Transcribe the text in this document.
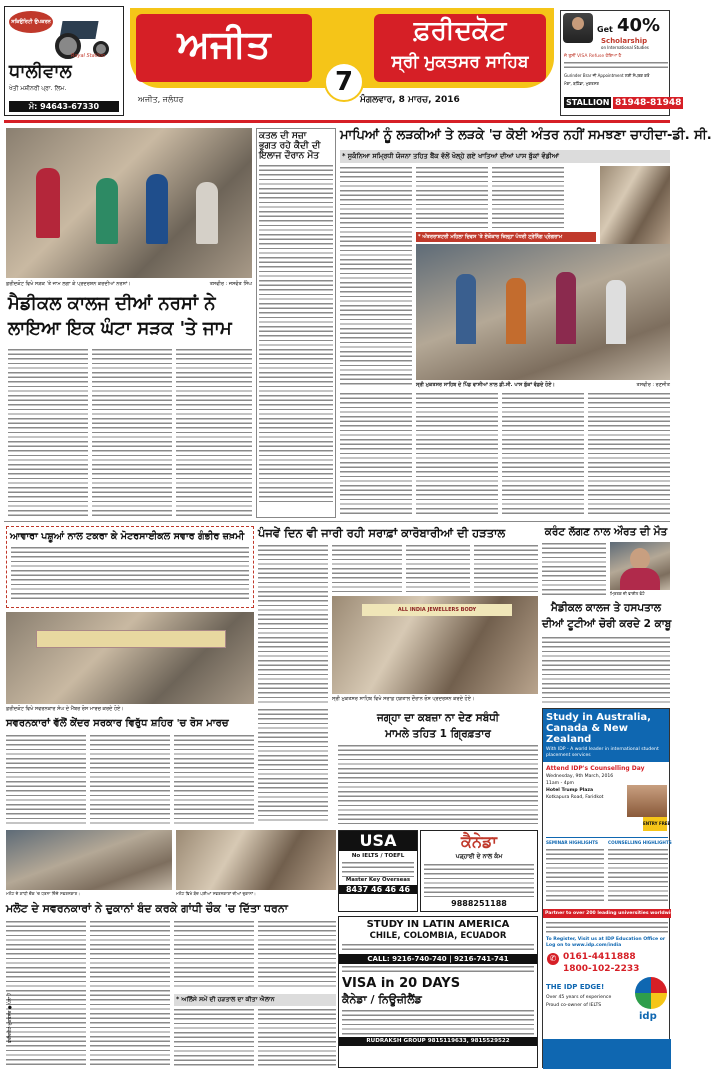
ਸਕਿਉਰਿਟੀ ਉਪਕਰਨ
Royal Stallion
ਧਾਲੀਵਾਲ
ਖੇਤੀ ਮਸ਼ੀਨਰੀ ਪ੍ਰਾ. ਲਿਮ.
ਮੋ: 94643-67330
ਅਜੀਤ	ਫ਼ਰੀਦਕੋਟ
ਸ੍ਰੀ ਮੁਕਤਸਰ ਸਾਹਿਬ
7
ਅਜੀਤ, ਜਲੰਧਰ	ਮੰਗਲਵਾਰ, 8 ਮਾਰਚ, 2016
Get 40%
Scholarship
on International Studies
ਜੇ ਤੁਸੀਂ VISA Refuse ਹੋਇਆ ਹੈ
Gurinder Brar ਜੀ Appointment ਲਈ ਸੰਪਰਕ ਕਰੋ
ਮੋਗਾ, ਬਠਿੰਡਾ, ਮੁਕਤਸਰ
STALLION 81948-81948
ਫ਼ਰੀਦਕੋਟ ਵਿਖੇ ਸੜਕ 'ਤੇ ਜਾਮ ਲਗਾ ਕੇ ਪ੍ਰਦਰਸ਼ਨ ਕਰਦੀਆਂ ਨਰਸਾਂ।	ਤਸਵੀਰ : ਜਸਵੰਤ ਸਿੰਘ
ਮੈਡੀਕਲ ਕਾਲਜ ਦੀਆਂ ਨਰਸਾਂ ਨੇ
ਲਾਇਆ ਇਕ ਘੰਟਾ ਸੜਕ 'ਤੇ ਜਾਮ
ਕਤਲ ਦੀ ਸਜ਼ਾ
ਭੁਗਤ ਰਹੇ ਕੈਦੀ ਦੀ
ਇਲਾਜ ਦੌਰਾਨ ਮੌਤ
ਮਾਪਿਆਂ ਨੂੰ ਲੜਕੀਆਂ ਤੇ ਲੜਕੇ 'ਚ ਕੋਈ ਅੰਤਰ ਨਹੀਂ ਸਮਝਣਾ ਚਾਹੀਦਾ-ਡੀ. ਸੀ.
* ਸੁਕੰਨਿਆ ਸਮ੍ਰਿਧੀ ਯੋਜਨਾ ਤਹਿਤ ਬੈਂਕ ਵੱਲੋਂ ਖੋਲ੍ਹੇ ਗਏ ਖਾਤਿਆਂ ਦੀਆਂ ਪਾਸ ਬੁੱਕਾਂ ਵੰਡੀਆਂ
* ਅੰਤਰਰਾਸ਼ਟਰੀ ਮਹਿਲਾ ਦਿਵਸ 'ਤੇ ਏਕੋਕਾਰ ਜ਼ਿਲ੍ਹਾ ਪੱਧਰੀ ਟ੍ਰੇਨਿੰਗ ਪ੍ਰੋਗਰਾਮ
ਸ੍ਰੀ ਮੁਕਤਸਰ ਸਾਹਿਬ ਦੇ ਪਿੰਡ ਵਾਸੀਆਂ ਨਾਲ ਡੀ.ਸੀ. ਪਾਸ ਬੁੱਕਾਂ ਵੰਡਦੇ ਹੋਏ।	ਤਸਵੀਰ : ਰਣਜੀਤ
ਆਵਾਰਾ ਪਸ਼ੂਆਂ ਨਾਲ ਟਕਰਾ ਕੇ ਮੋਟਰਸਾਈਕਲ ਸਵਾਰ ਗੰਭੀਰ ਜ਼ਖ਼ਮੀ
ਫ਼ਰੀਦਕੋਟ ਵਿਖੇ ਸਵਰਨਕਾਰ ਸੰਘ ਦੇ ਮੈਂਬਰ ਰੋਸ ਮਾਰਚ ਕਰਦੇ ਹੋਏ।
ਸਵਰਨਕਾਰਾਂ ਵੱਲੋਂ ਕੇਂਦਰ ਸਰਕਾਰ ਵਿਰੁੱਧ ਸ਼ਹਿਰ 'ਚ ਰੋਸ ਮਾਰਚ
ਪੰਜਵੇਂ ਦਿਨ ਵੀ ਜਾਰੀ ਰਹੀ ਸਰਾਫ਼ਾਂ ਕਾਰੋਬਾਰੀਆਂ ਦੀ ਹੜਤਾਲ
ALL INDIA JEWELLERS BODY
ਸ੍ਰੀ ਮੁਕਤਸਰ ਸਾਹਿਬ ਵਿਖੇ ਸਰਾਫ਼ ਹੜਤਾਲ ਦੌਰਾਨ ਰੋਸ ਪ੍ਰਦਰਸ਼ਨ ਕਰਦੇ ਹੋਏ।
ਕਰੰਟ ਲੱਗਣ ਨਾਲ ਔਰਤ ਦੀ ਮੌਤ
ਮ੍ਰਿਤਕ ਦੀ ਫਾਈਲ ਫੋਟੋ
ਮੈਡੀਕਲ ਕਾਲਜ ਤੇ ਹਸਪਤਾਲ
ਦੀਆਂ ਟੂਟੀਆਂ ਚੋਰੀ ਕਰਦੇ 2 ਕਾਬੂ
ਜਗ੍ਹਾ ਦਾ ਕਬਜ਼ਾ ਨਾ ਦੇਣ ਸਬੰਧੀ
ਮਾਮਲੇ ਤਹਿਤ 1 ਗ੍ਰਿਫ਼ਤਾਰ
Study in Australia, Canada & New Zealand
With IDP - A world leader in international student placement services
Attend IDP's Counselling Day
Wednesday, 9th March, 2016
11am - 4pm
Hotel Trump Plaza
Kotkapura Road, Faridkot
ENTRY FREE
SEMINAR HIGHLIGHTS	COUNSELLING HIGHLIGHTS
Partner to over 200 leading universities worldwide
To Register, Visit us at IDP Education Office or Log on to www.idp.com/india
✆ 0161-4411888
1800-102-2233
THE IDP EDGE!
Over 45 years of experience
Proud co-owner of IELTS
idp
ਮਲੋਟ ਦੇ ਗਾਂਧੀ ਚੌਕ 'ਚ ਧਰਨਾ ਦਿੰਦੇ ਸਵਰਨਕਾਰ।	ਮਲੋਟ ਵਿਖੇ ਬੰਦ ਪਈਆਂ ਸਵਰਨਕਾਰਾਂ ਦੀਆਂ ਦੁਕਾਨਾਂ।
USA
No IELTS / TOEFL
Master Key Overseas
8437 46 46 46
ਕੈਨੇਡਾ
ਪੜ੍ਹਾਈ ਦੇ ਨਾਲ ਕੰਮ
9888251188
ਮਲੋਟ ਦੇ ਸਵਰਨਕਾਰਾਂ ਨੇ ਦੁਕਾਨਾਂ ਬੰਦ ਕਰਕੇ ਗਾਂਧੀ ਚੌਕ 'ਚ ਦਿੱਤਾ ਧਰਨਾ
* ਅਲਿੱਸੇ ਸਮੇਂ ਦੀ ਹੜਤਾਲ ਦਾ ਕੀਤਾ ਐਲਾਨ
STUDY IN LATIN AMERICA
CHILE, COLOMBIA, ECUADOR
CALL: 9216-740-740 | 9216-741-741
VISA in 20 DAYS
ਕੈਨੇਡਾ / ਨਿਊਜ਼ੀਲੈਂਡ
RUDRAKSH GROUP 9815119633, 9815529522
ਫ਼ਰੀਦਕੋਟ-ਮੁਕਤਸਰ ● ਪੰਨਾ 7
